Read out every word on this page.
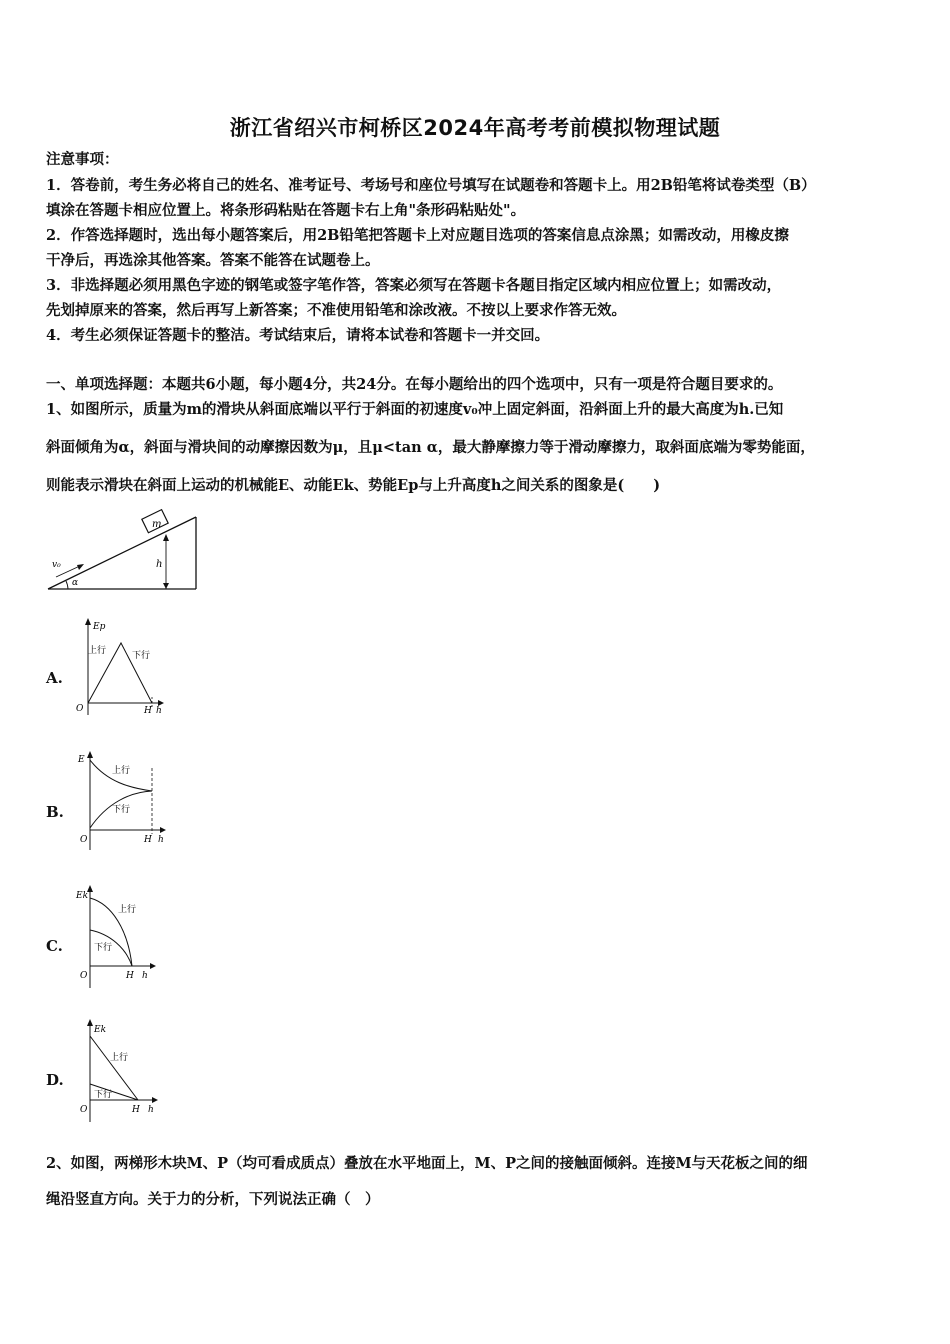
浙江省绍兴市柯桥区2024年高考考前模拟物理试题
注意事项：
1．答卷前，考生务必将自己的姓名、准考证号、考场号和座位号填写在试题卷和答题卡上。用2B铅笔将试卷类型（B）
填涂在答题卡相应位置上。将条形码粘贴在答题卡右上角"条形码粘贴处"。
2．作答选择题时，选出每小题答案后，用2B铅笔把答题卡上对应题目选项的答案信息点涂黑；如需改动，用橡皮擦
干净后，再选涂其他答案。答案不能答在试题卷上。
3．非选择题必须用黑色字迹的钢笔或签字笔作答，答案必须写在答题卡各题目指定区域内相应位置上；如需改动，
先划掉原来的答案，然后再写上新答案；不准使用铅笔和涂改液。不按以上要求作答无效。
4．考生必须保证答题卡的整洁。考试结束后，请将本试卷和答题卡一并交回。
一、单项选择题：本题共6小题，每小题4分，共24分。在每小题给出的四个选项中，只有一项是符合题目要求的。
1、如图所示，质量为m的滑块从斜面底端以平行于斜面的初速度v₀冲上固定斜面，沿斜面上升的最大高度为h.已知
斜面倾角为α，斜面与滑块间的动摩擦因数为μ，且μ<tan α，最大静摩擦力等于滑动摩擦力，取斜面底端为零势能面，
则能表示滑块在斜面上运动的机械能E、动能Ek、势能Ep与上升高度h之间关系的图象是(　　)
m
h
v₀
α
A.
Ep
上行	下行
O	H h
B.
E
上行
下行
O	H h
C.
Ek
上行
下行
O	H h
D.
Ek
上行
下行
O	H h
2、如图，两梯形木块M、P（均可看成质点）叠放在水平地面上，M、P之间的接触面倾斜。连接M与天花板之间的细
绳沿竖直方向。关于力的分析，下列说法正确（　）
